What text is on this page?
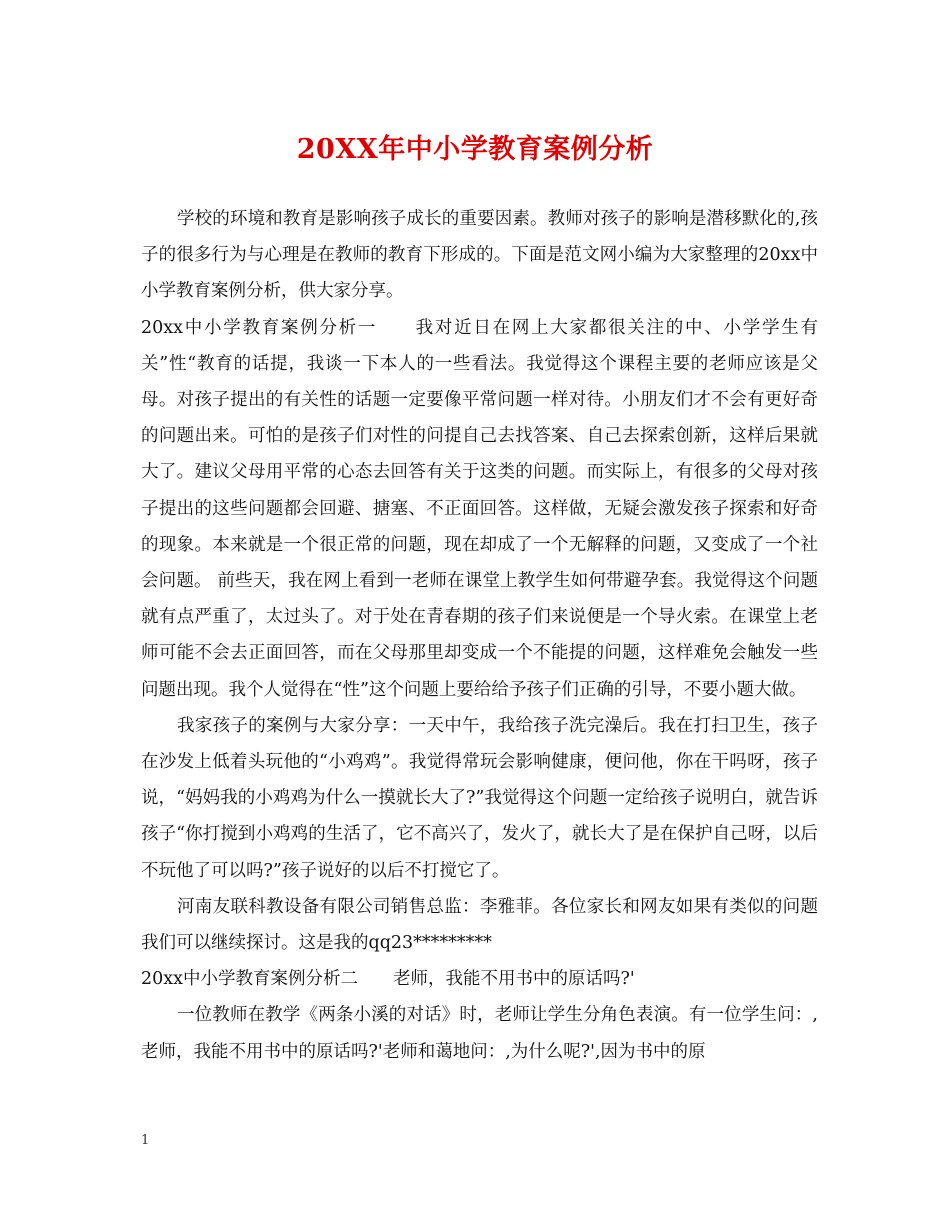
20XX年中小学教育案例分析

学校的环境和教育是影响孩子成长的重要因素。教师对孩子的影响是潜移默化的,孩子的很多行为与心理是在教师的教育下形成的。下面是范文网小编为大家整理的20xx中小学教育案例分析，供大家分享。

20xx中小学教育案例分析一　　我对近日在网上大家都很关注的中、小学学生有关”性“教育的话提，我谈一下本人的一些看法。我觉得这个课程主要的老师应该是父母。对孩子提出的有关性的话题一定要像平常问题一样对待。小朋友们才不会有更好奇的问题出来。可怕的是孩子们对性的问提自己去找答案、自己去探索创新，这样后果就大了。建议父母用平常的心态去回答有关于这类的问题。而实际上，有很多的父母对孩子提出的这些问题都会回避、搪塞、不正面回答。这样做，无疑会激发孩子探索和好奇的现象。本来就是一个很正常的问题，现在却成了一个无解释的问题，又变成了一个社会问题。 前些天，我在网上看到一老师在课堂上教学生如何带避孕套。我觉得这个问题就有点严重了，太过头了。对于处在青春期的孩子们来说便是一个导火索。在课堂上老师可能不会去正面回答，而在父母那里却变成一个不能提的问题，这样难免会触发一些问题出现。我个人觉得在“性”这个问题上要给给予孩子们正确的引导，不要小题大做。

我家孩子的案例与大家分享：一天中午，我给孩子洗完澡后。我在打扫卫生，孩子在沙发上低着头玩他的“小鸡鸡”。我觉得常玩会影响健康，便问他，你在干吗呀，孩子说，“妈妈我的小鸡鸡为什么一摸就长大了?”我觉得这个问题一定给孩子说明白，就告诉孩子“你打搅到小鸡鸡的生活了，它不高兴了，发火了，就长大了是在保护自己呀，以后不玩他了可以吗?”孩子说好的以后不打搅它了。

河南友联科教设备有限公司销售总监：李雅菲。各位家长和网友如果有类似的问题我们可以继续探讨。这是我的qq23*********

20xx中小学教育案例分析二　　老师，我能不用书中的原话吗?'

一位教师在教学《两条小溪的对话》时，老师让学生分角色表演。有一位学生问：,老师，我能不用书中的原话吗?'老师和蔼地问：,为什么呢?',因为书中的原

1
